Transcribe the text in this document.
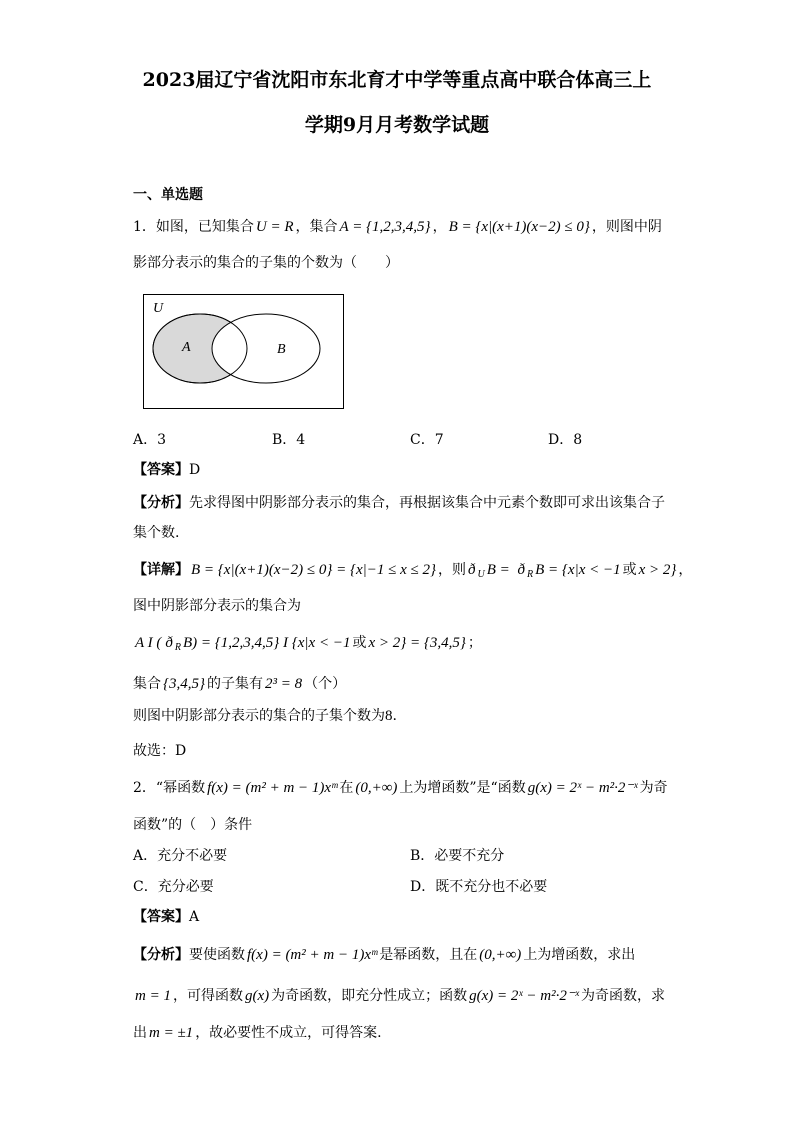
2023届辽宁省沈阳市东北育才中学等重点高中联合体高三上
学期9月月考数学试题
一、单选题
1．如图，已知集合 U = R ，集合 A = {1,2,3,4,5} ， B = {x|(x+1)(x−2) ≤ 0} ，则图中阴
影部分表示的集合的子集的个数为（　　）
U
A	B
A．3	B．4	C．7	D．8
【答案】D
【分析】先求得图中阴影部分表示的集合，再根据该集合中元素个数即可求出该集合子
集个数.
【详解】 B = {x|(x+1)(x−2) ≤ 0} = {x|−1 ≤ x ≤ 2} ，则 ð $_U$ B = ð $_R$ B = {x|x < −1 或 x > 2} ，
图中阴影部分表示的集合为
A I ( ð $_R$ B) = {1,2,3,4,5} I {x|x < −1 或 x > 2} = {3,4,5} ；
集合 {3,4,5} 的子集有 2³ = 8 （个）
则图中阴影部分表示的集合的子集个数为8.
故选：D
2．“幂函数 f(x) = (m² + m − 1)xᵐ 在 (0,+∞) 上为增函数”是“函数 g(x) = 2ˣ − m²·2⁻ˣ 为奇
函数”的（　）条件
A．充分不必要	B．必要不充分
C．充分必要	D．既不充分也不必要
【答案】A
【分析】要使函数 f(x) = (m² + m − 1)xᵐ 是幂函数，且在 (0,+∞) 上为增函数，求出
m = 1 ，可得函数 g(x) 为奇函数，即充分性成立；函数 g(x) = 2ˣ − m²·2⁻ˣ 为奇函数，求
出 m = ±1 ，故必要性不成立，可得答案.
